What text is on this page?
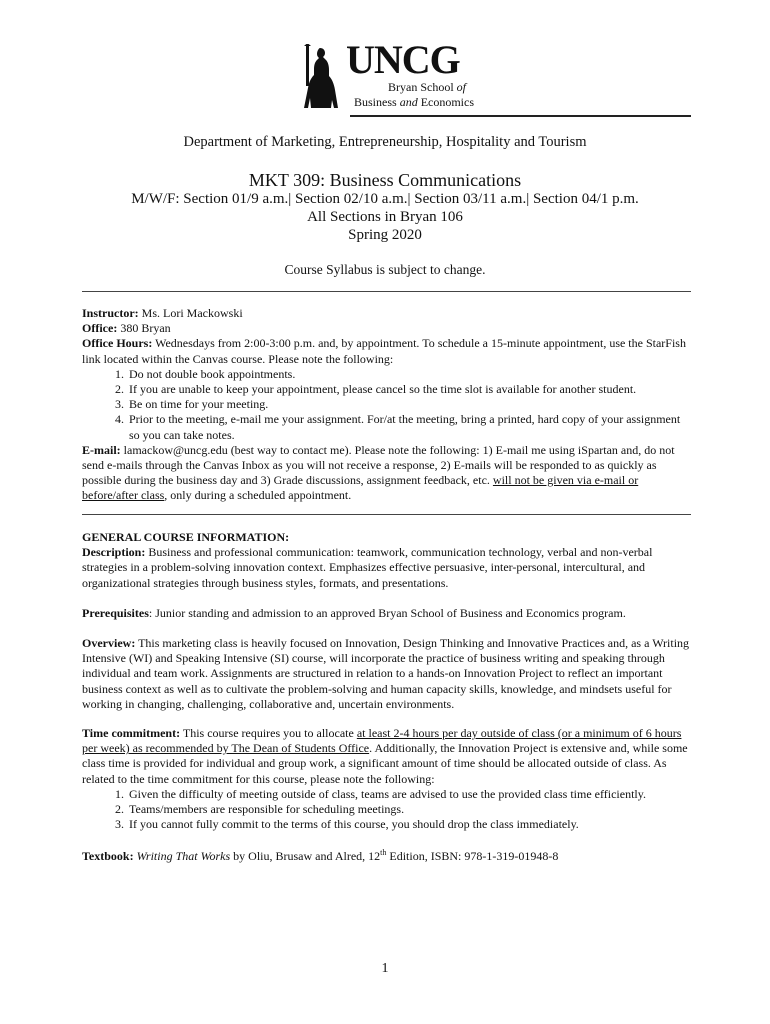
UNCG
Bryan School of
Business and Economics
Department of Marketing, Entrepreneurship, Hospitality and Tourism
MKT 309: Business Communications
M/W/F: Section 01/9 a.m.| Section 02/10 a.m.| Section 03/11 a.m.| Section 04/1 p.m.
All Sections in Bryan 106
Spring 2020
Course Syllabus is subject to change.

Instructor: Ms. Lori Mackowski

Office: 380 Bryan

Office Hours: Wednesdays from 2:00-3:00 p.m. and, by appointment. To schedule a 15-minute appointment, use the StarFish link located within the Canvas course. Please note the following:

1. Do not double book appointments.
2. If you are unable to keep your appointment, please cancel so the time slot is available for another student.
3. Be on time for your meeting.
4. Prior to the meeting, e-mail me your assignment. For/at the meeting, bring a printed, hard copy of your assignment so you can take notes.

E-mail: lamackow@uncg.edu (best way to contact me). Please note the following: 1) E-mail me using iSpartan and, do not send e-mails through the Canvas Inbox as you will not receive a response, 2) E-mails will be responded to as quickly as possible during the business day and 3) Grade discussions, assignment feedback, etc. will not be given via e-mail or before/after class, only during a scheduled appointment.

GENERAL COURSE INFORMATION:

Description: Business and professional communication: teamwork, communication technology, verbal and non-verbal strategies in a problem-solving innovation context. Emphasizes effective persuasive, inter-personal, intercultural, and organizational strategies through business styles, formats, and presentations.

Prerequisites: Junior standing and admission to an approved Bryan School of Business and Economics program.

Overview: This marketing class is heavily focused on Innovation, Design Thinking and Innovative Practices and, as a Writing Intensive (WI) and Speaking Intensive (SI) course, will incorporate the practice of business writing and speaking through individual and team work. Assignments are structured in relation to a hands-on Innovation Project to reflect an important business context as well as to cultivate the problem-solving and human capacity skills, knowledge, and mindsets useful for working in changing, challenging, collaborative and, uncertain environments.

Time commitment: This course requires you to allocate at least 2-4 hours per day outside of class (or a minimum of 6 hours per week) as recommended by The Dean of Students Office. Additionally, the Innovation Project is extensive and, while some class time is provided for individual and group work, a significant amount of time should be allocated outside of class. As related to the time commitment for this course, please note the following:

1. Given the difficulty of meeting outside of class, teams are advised to use the provided class time efficiently.
2. Teams/members are responsible for scheduling meetings.
3. If you cannot fully commit to the terms of this course, you should drop the class immediately.

Textbook: Writing That Works by Oliu, Brusaw and Alred, 12th Edition, ISBN: 978-1-319-01948-8

1
